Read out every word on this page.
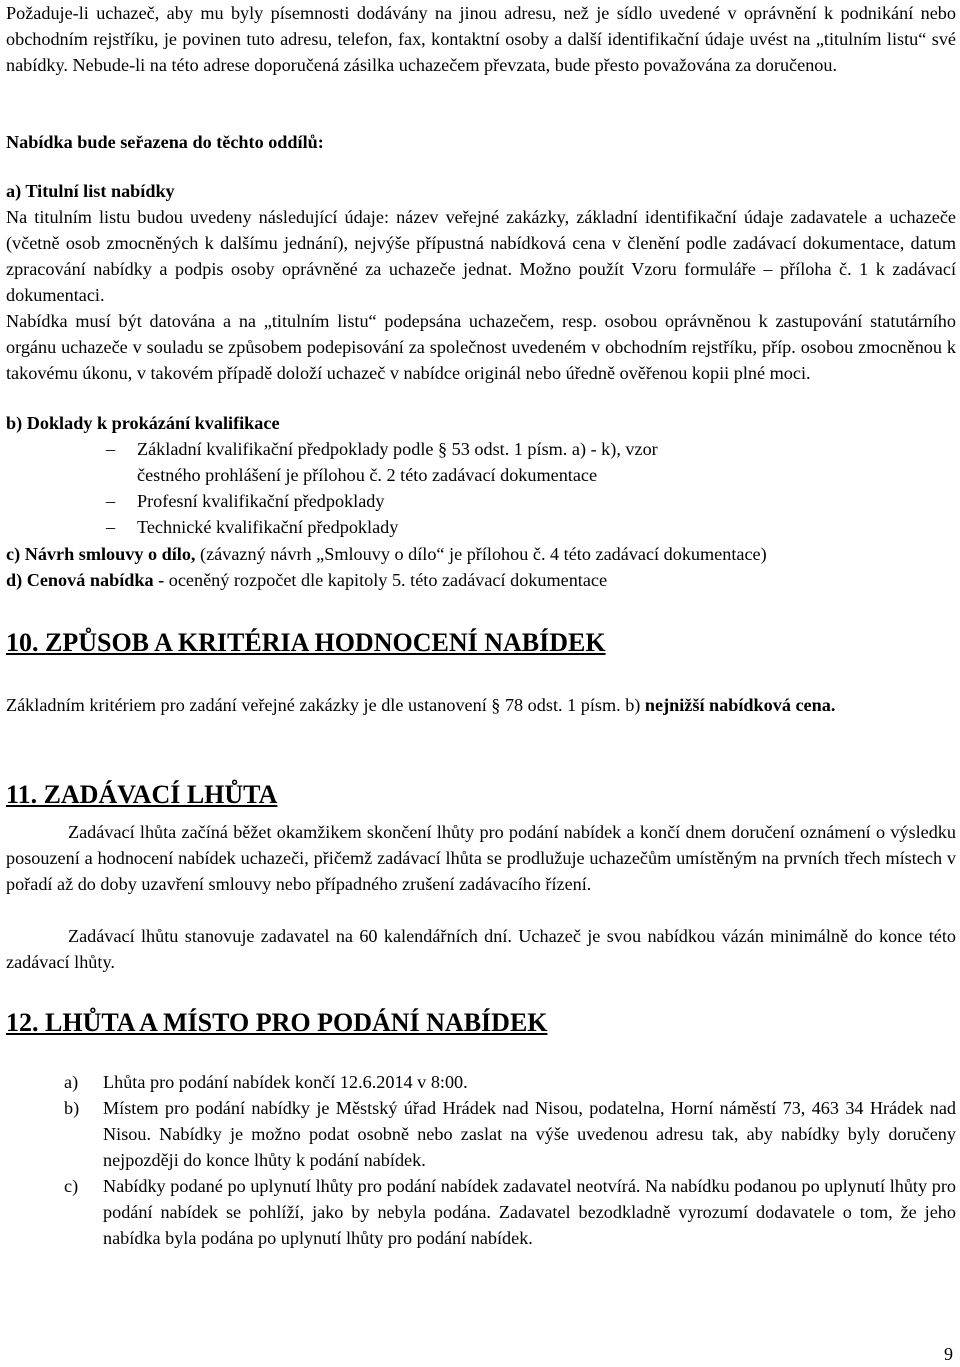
Požaduje-li uchazeč, aby mu byly písemnosti dodávány na jinou adresu, než je sídlo uvedené v oprávnění k podnikání nebo obchodním rejstříku, je povinen tuto adresu, telefon, fax, kontaktní osoby a další identifikační údaje uvést na „titulním listu“ své nabídky. Nebude-li na této adrese doporučená zásilka uchazečem převzata, bude přesto považována za doručenou.

Nabídka bude seřazena do těchto oddílů:

a) Titulní list nabídky

Na titulním listu budou uvedeny následující údaje: název veřejné zakázky, základní identifikační údaje zadavatele a uchazeče (včetně osob zmocněných k dalšímu jednání), nejvýše přípustná nabídková cena v členění podle zadávací dokumentace, datum zpracování nabídky a podpis osoby oprávněné za uchazeče jednat. Možno použít Vzoru formuláře – příloha č. 1 k zadávací dokumentaci.

Nabídka musí být datována a na „titulním listu“ podepsána uchazečem, resp. osobou oprávněnou k zastupování statutárního orgánu uchazeče v souladu se způsobem podepisování za společnost uvedeném v obchodním rejstříku, příp. osobou zmocněnou k takovému úkonu, v takovém případě doloží uchazeč v nabídce originál nebo úředně ověřenou kopii plné moci.

b) Doklady k prokázání kvalifikace

– Základní kvalifikační předpoklady podle § 53 odst. 1 písm. a) - k), vzor čestného prohlášení je přílohou č. 2 této zadávací dokumentace
– Profesní kvalifikační předpoklady
– Technické kvalifikační předpoklady

c) Návrh smlouvy o dílo, (závazný návrh „Smlouvy o dílo“ je přílohou č. 4 této zadávací dokumentace)

d) Cenová nabídka - oceněný rozpočet dle kapitoly 5. této zadávací dokumentace

10. ZPŮSOB A KRITÉRIA HODNOCENÍ NABÍDEK

Základním kritériem pro zadání veřejné zakázky je dle ustanovení § 78 odst. 1 písm. b) nejnižší nabídková cena.

11. ZADÁVACÍ LHŮTA

Zadávací lhůta začíná běžet okamžikem skončení lhůty pro podání nabídek a končí dnem doručení oznámení o výsledku posouzení a hodnocení nabídek uchazeči, přičemž zadávací lhůta se prodlužuje uchazečům umístěným na prvních třech místech v pořadí až do doby uzavření smlouvy nebo případného zrušení zadávacího řízení.

Zadávací lhůtu stanovuje zadavatel na 60 kalendářních dní. Uchazeč je svou nabídkou vázán minimálně do konce této zadávací lhůty.

12. LHŮTA A MÍSTO PRO PODÁNÍ NABÍDEK
a) Lhůta pro podání nabídek končí 12.6.2014 v 8:00.
b) Místem pro podání nabídky je Městský úřad Hrádek nad Nisou, podatelna, Horní náměstí 73, 463 34 Hrádek nad Nisou. Nabídky je možno podat osobně nebo zaslat na výše uvedenou adresu tak, aby nabídky byly doručeny nejpozději do konce lhůty k podání nabídek.
c) Nabídky podané po uplynutí lhůty pro podání nabídek zadavatel neotvírá. Na nabídku podanou po uplynutí lhůty pro podání nabídek se pohlíží, jako by nebyla podána. Zadavatel bezodkladně vyrozumí dodavatele o tom, že jeho nabídka byla podána po uplynutí lhůty pro podání nabídek.
9
